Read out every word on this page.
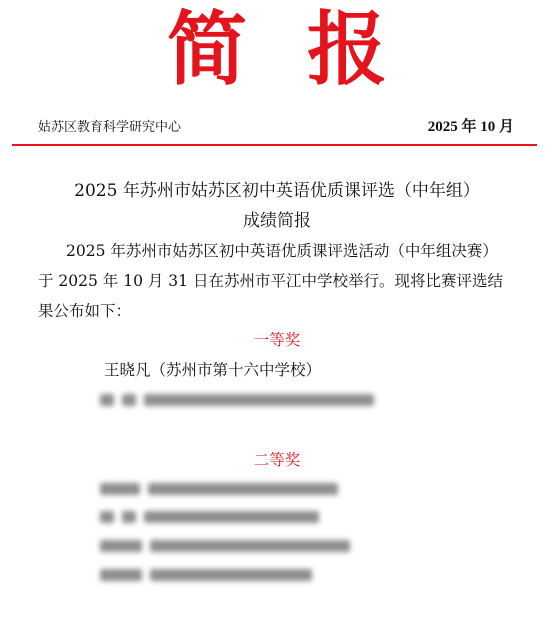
简报
姑苏区教育科学研究中心	2025 年 10 月
2025 年苏州市姑苏区初中英语优质课评选（中年组）
成绩简报
2025 年苏州市姑苏区初中英语优质课评选活动（中年组决赛）
于 2025 年 10 月 31 日在苏州市平江中学校举行。现将比赛评选结
果公布如下：
一等奖
王晓凡（苏州市第十六中学校）
二等奖
